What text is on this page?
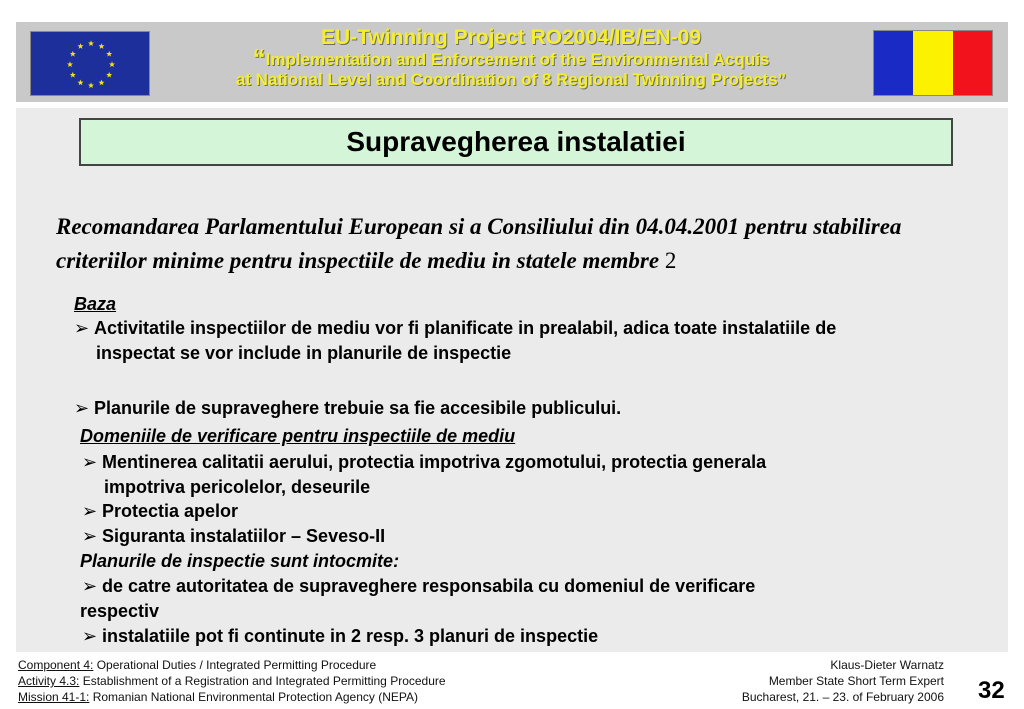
EU-Twinning Project RO2004/IB/EN-09
“Implementation and Enforcement of the Environmental Acquis
at National Level and Coordination of 8 Regional Twinning Projects”
Supravegherea instalatiei
Recomandarea Parlamentului European si a Consiliului din 04.04.2001 pentru stabilirea criteriilor minime pentru inspectiile de mediu in statele membre 2
Baza
➢ Activitatile inspectiilor de mediu vor fi planificate in prealabil, adica toate instalatiile de
inspectat se vor include in planurile de inspectie
➢ Planurile de supraveghere trebuie sa fie accesibile publicului.
Domeniile de verificare pentru inspectiile de mediu
➢ Mentinerea calitatii aerului, protectia impotriva zgomotului, protectia generala
impotriva pericolelor, deseurile
➢ Protectia apelor
➢ Siguranta instalatiilor – Seveso-II
Planurile de inspectie sunt intocmite:
➢ de catre autoritatea de supraveghere responsabila cu domeniul de verificare
respectiv
➢ instalatiile pot fi continute in 2 resp. 3 planuri de inspectie
Component 4: Operational Duties / Integrated Permitting Procedure
Activity 4.3: Establishment of a Registration and Integrated Permitting Procedure
Mission 41-1: Romanian National Environmental Protection Agency (NEPA)
Klaus-Dieter Warnatz
Member State Short Term Expert
Bucharest, 21. – 23. of February 2006 32
